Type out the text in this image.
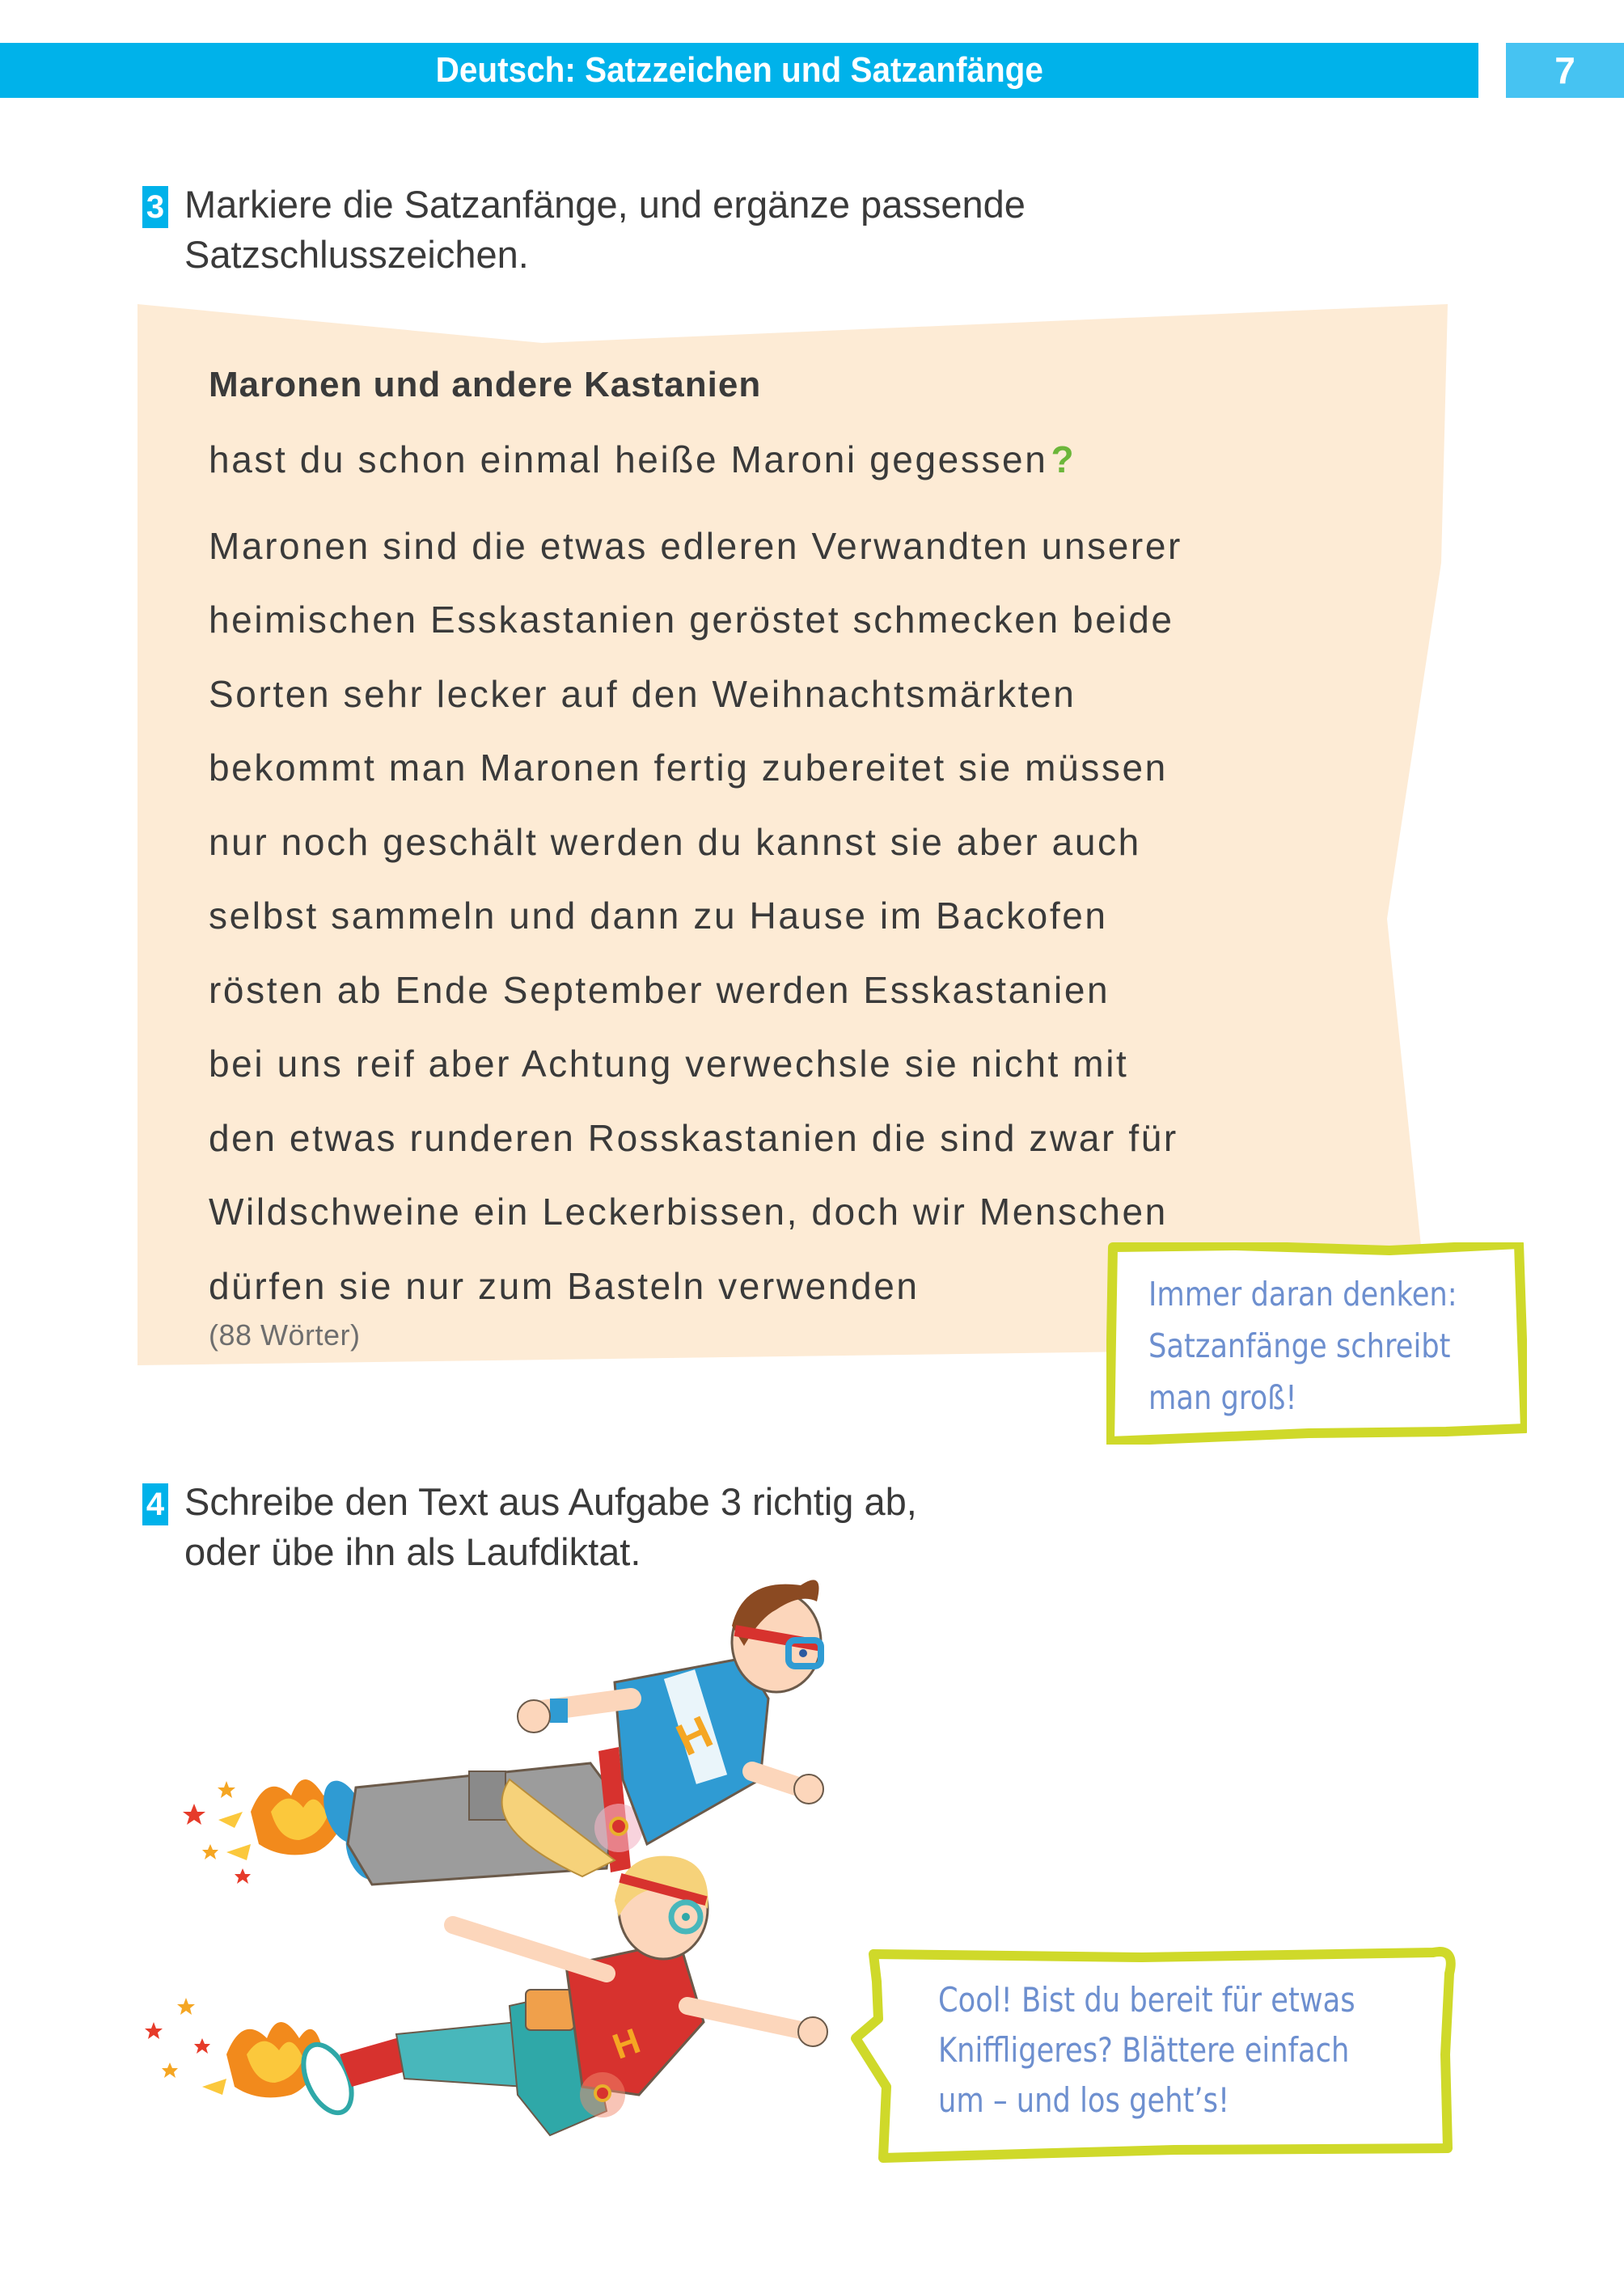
Deutsch: Satzzeichen und Satzanfänge	7
3 Markiere die Satzanfänge, und ergänze passende
Satzschlusszeichen.
Maronen und andere Kastanien
hast du schon einmal heiße Maroni gegessen?
Maronen sind die etwas edleren Verwandten unserer
heimischen Esskastanien geröstet schmecken beide
Sorten sehr lecker auf den Weihnachtsmärkten
bekommt man Maronen fertig zubereitet sie müssen
nur noch geschält werden du kannst sie aber auch
selbst sammeln und dann zu Hause im Backofen
rösten ab Ende September werden Esskastanien
bei uns reif aber Achtung verwechsle sie nicht mit
den etwas runderen Rosskastanien die sind zwar für
Wildschweine ein Leckerbissen, doch wir Menschen
dürfen sie nur zum Basteln verwenden
(88 Wörter)
Immer daran denken:
Satzanfänge schreibt
man groß!
4 Schreibe den Text aus Aufgabe 3 richtig ab,
oder übe ihn als Laufdiktat.
H
H
Cool! Bist du bereit für etwas
Kniffligeres? Blättere einfach
um – und los geht’s!
